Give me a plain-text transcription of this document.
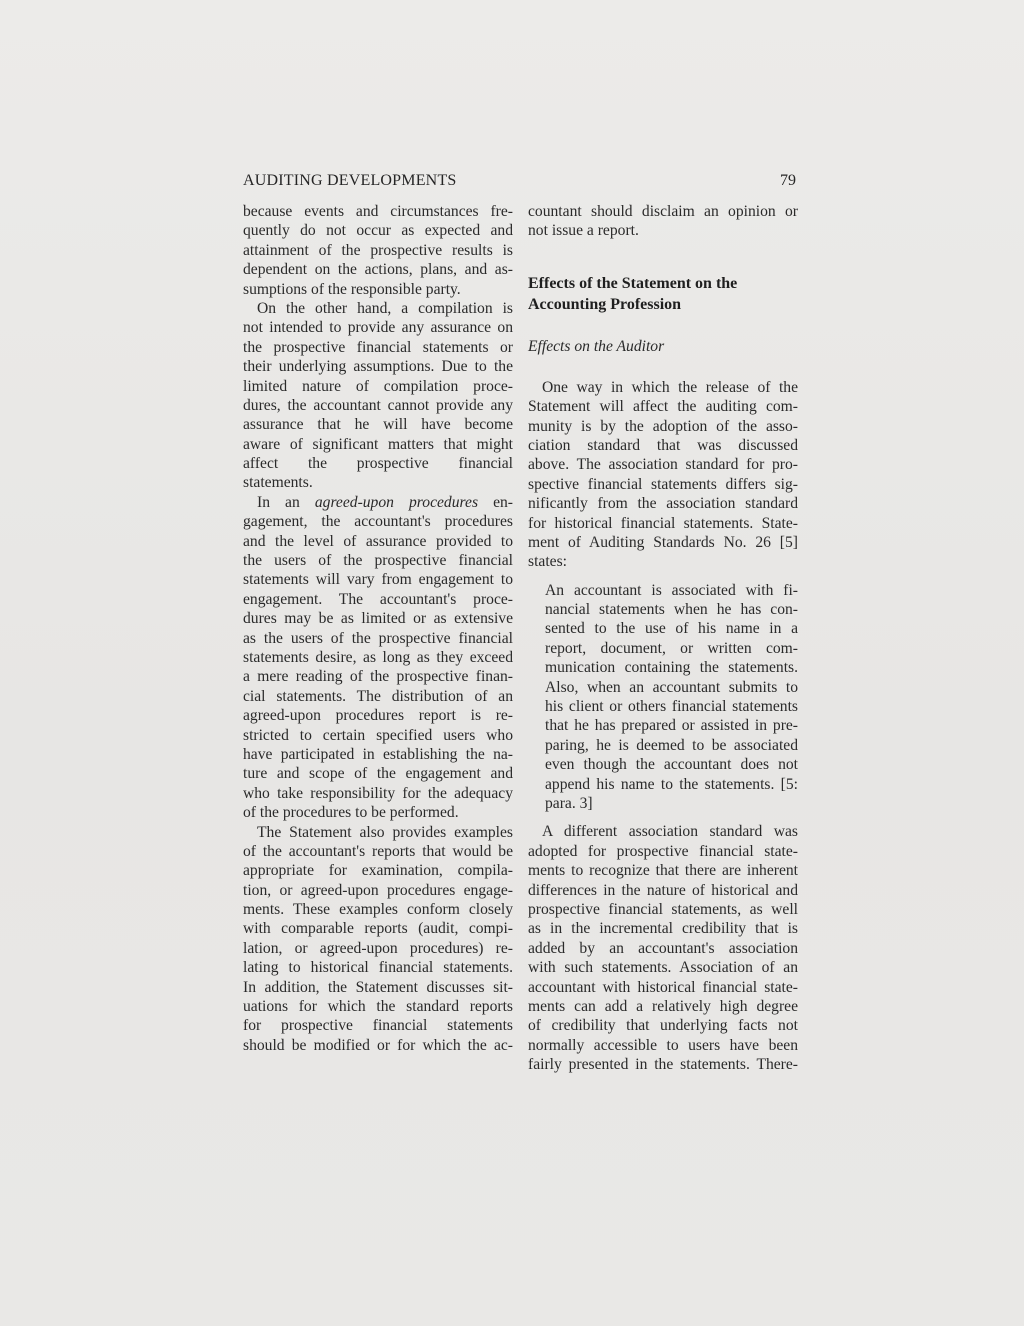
AUDITING DEVELOPMENTS	79
because events and circumstances fre-
quently do not occur as expected and
attainment of the prospective results is
dependent on the actions, plans, and as-
sumptions of the responsible party.
On the other hand, a compilation is
not intended to provide any assurance on
the prospective financial statements or
their underlying assumptions. Due to the
limited nature of compilation proce-
dures, the accountant cannot provide any
assurance that he will have become
aware of significant matters that might
affect the prospective financial
statements.
In an agreed-upon procedures en-
gagement, the accountant's procedures
and the level of assurance provided to
the users of the prospective financial
statements will vary from engagement to
engagement. The accountant's proce-
dures may be as limited or as extensive
as the users of the prospective financial
statements desire, as long as they exceed
a mere reading of the prospective finan-
cial statements. The distribution of an
agreed-upon procedures report is re-
stricted to certain specified users who
have participated in establishing the na-
ture and scope of the engagement and
who take responsibility for the adequacy
of the procedures to be performed.
The Statement also provides examples
of the accountant's reports that would be
appropriate for examination, compila-
tion, or agreed-upon procedures engage-
ments. These examples conform closely
with comparable reports (audit, compi-
lation, or agreed-upon procedures) re-
lating to historical financial statements.
In addition, the Statement discusses sit-
uations for which the standard reports
for prospective financial statements
should be modified or for which the ac-
countant should disclaim an opinion or
not issue a report.
Effects of the Statement on the
Accounting Profession
Effects on the Auditor
One way in which the release of the
Statement will affect the auditing com-
munity is by the adoption of the asso-
ciation standard that was discussed
above. The association standard for pro-
spective financial statements differs sig-
nificantly from the association standard
for historical financial statements. State-
ment of Auditing Standards No. 26 [5]
states:
An accountant is associated with fi-
nancial statements when he has con-
sented to the use of his name in a
report, document, or written com-
munication containing the statements.
Also, when an accountant submits to
his client or others financial statements
that he has prepared or assisted in pre-
paring, he is deemed to be associated
even though the accountant does not
append his name to the statements. [5:
para. 3]
A different association standard was
adopted for prospective financial state-
ments to recognize that there are inherent
differences in the nature of historical and
prospective financial statements, as well
as in the incremental credibility that is
added by an accountant's association
with such statements. Association of an
accountant with historical financial state-
ments can add a relatively high degree
of credibility that underlying facts not
normally accessible to users have been
fairly presented in the statements. There-
